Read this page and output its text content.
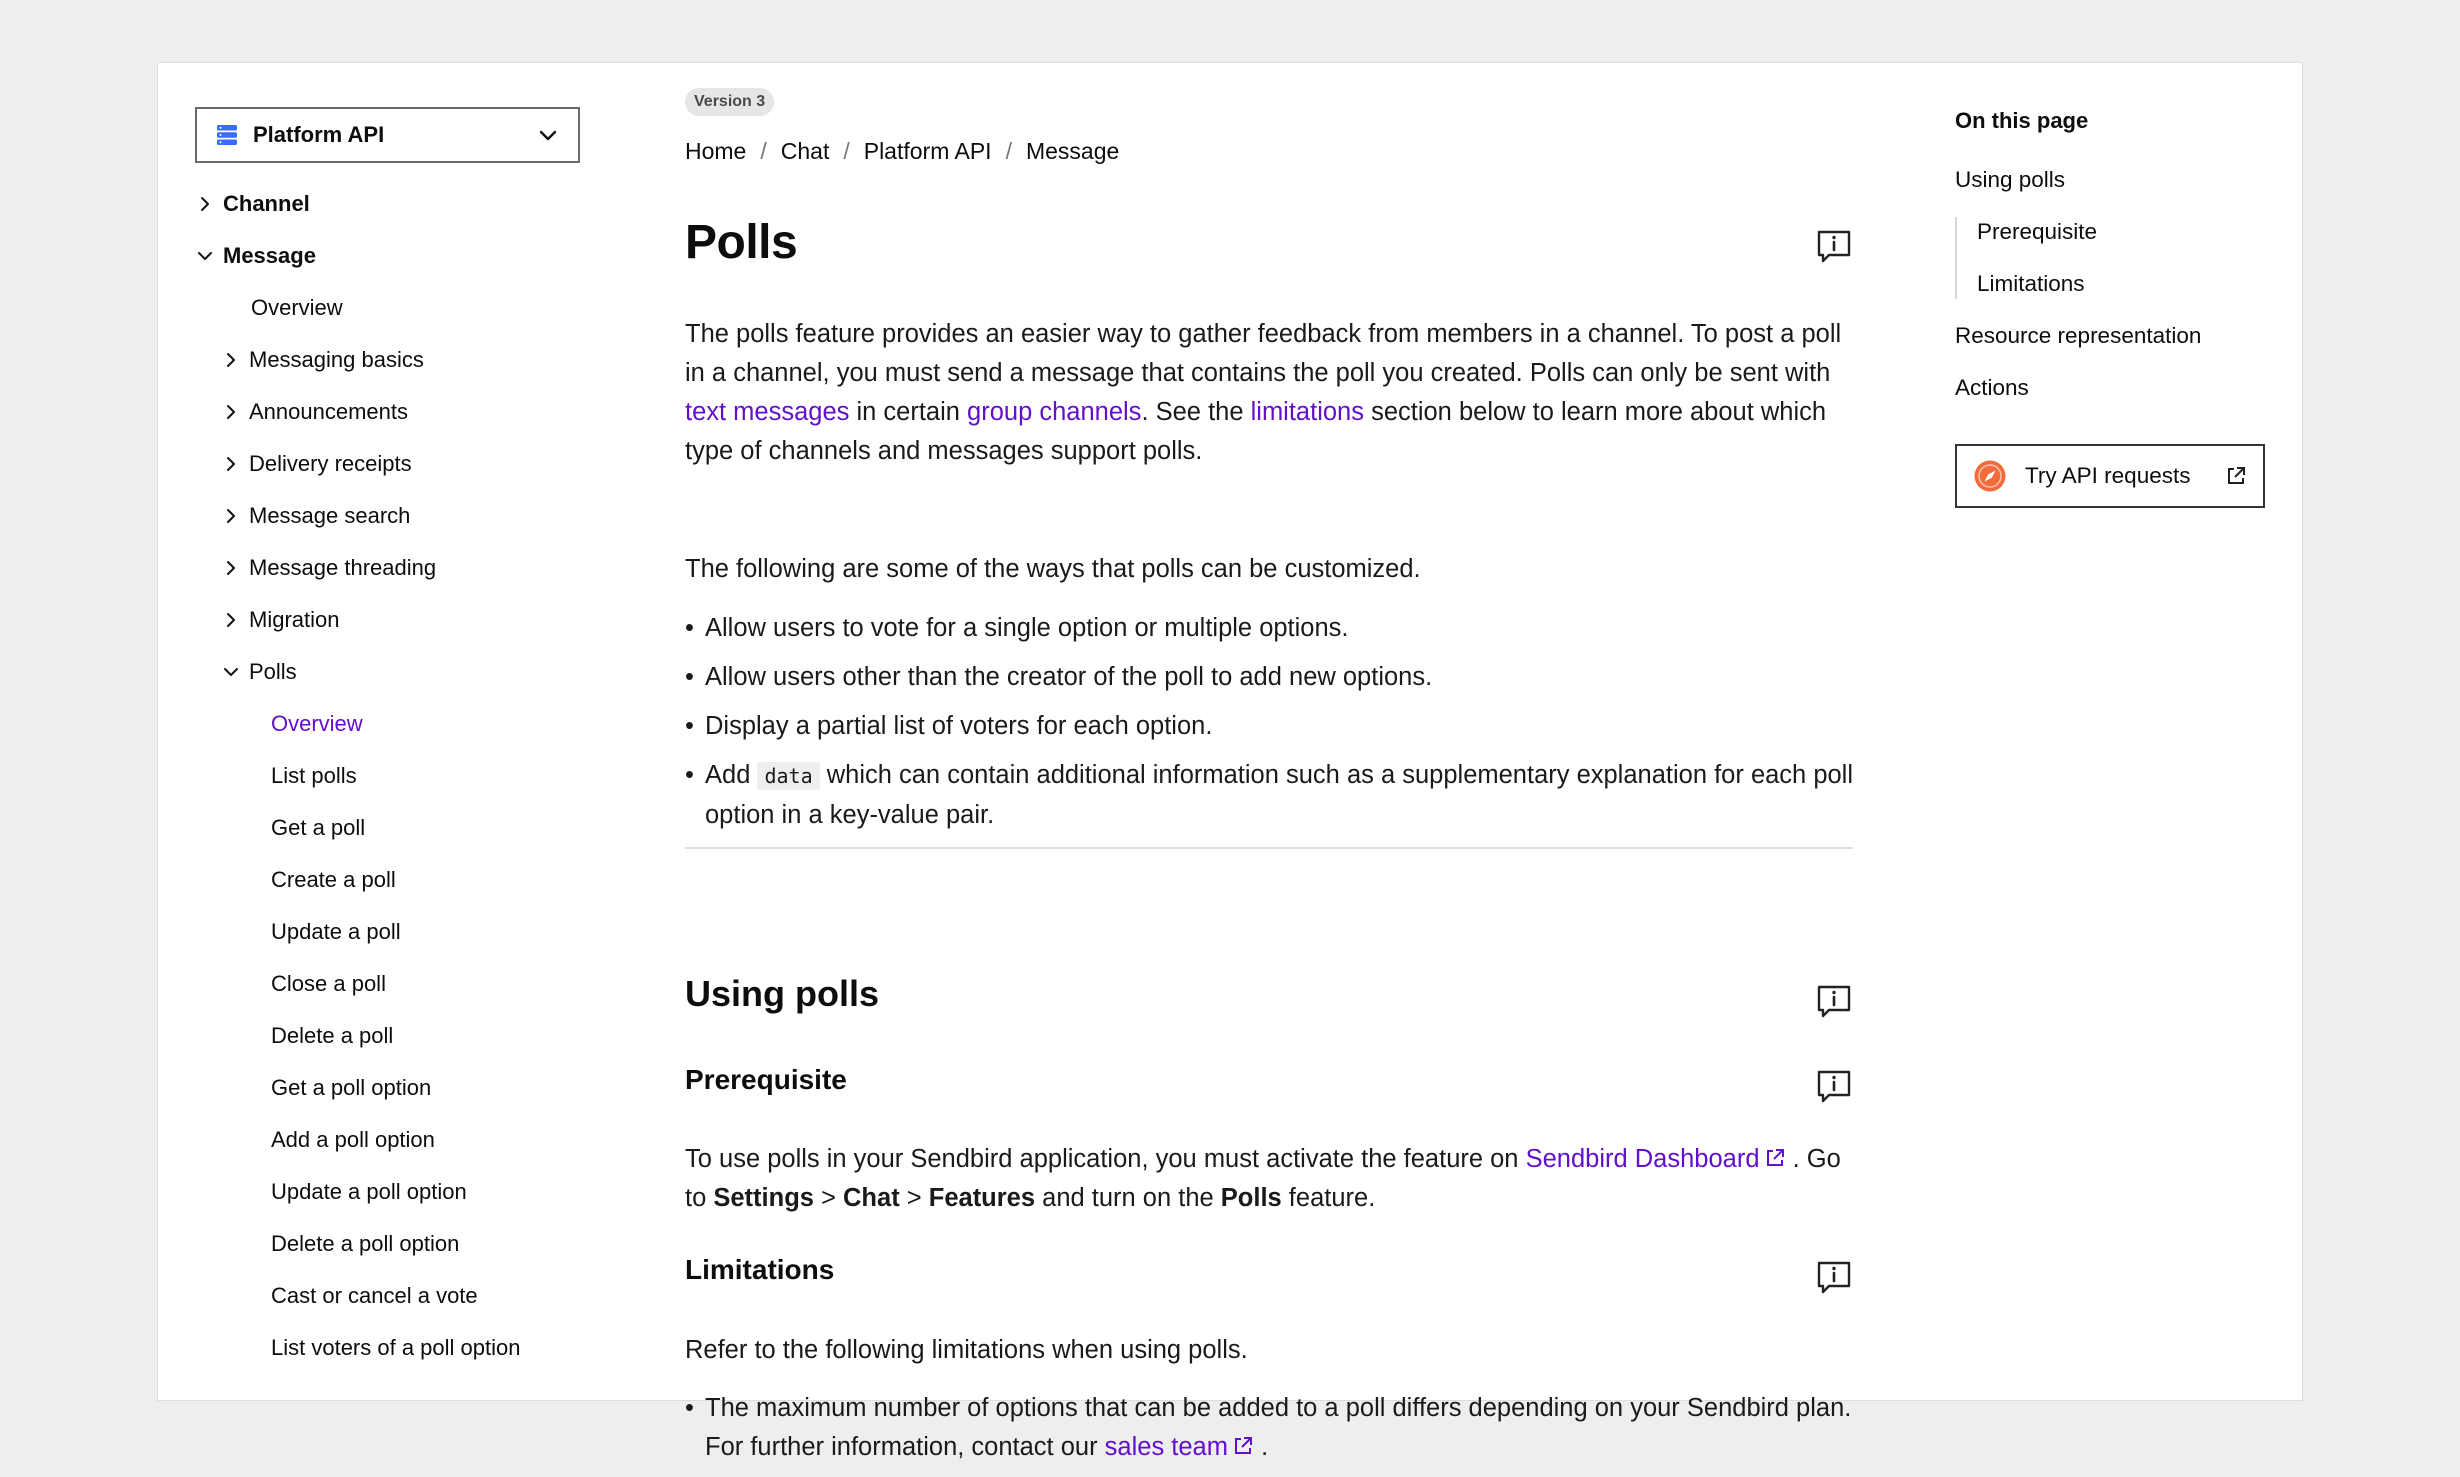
Platform API
Channel
Message
Overview
Messaging basics
Announcements
Delivery receipts
Message search
Message threading
Migration
Polls
Overview
List polls
Get a poll
Create a poll
Update a poll
Close a poll
Delete a poll
Get a poll option
Add a poll option
Update a poll option
Delete a poll option
Cast or cancel a vote
List voters of a poll option
Version 3
Home / Chat / Platform API / Message
Polls

The polls feature provides an easier way to gather feedback from members in a channel. To post a poll in a channel, you must send a message that contains the poll you created. Polls can only be sent with text messages in certain group channels. See the limitations section below to learn more about which type of channels and messages support polls.

The following are some of the ways that polls can be customized.

• Allow users to vote for a single option or multiple options.
• Allow users other than the creator of the poll to add new options.
• Display a partial list of voters for each option.
• Add data which can contain additional information such as a supplementary explanation for each poll option in a key-value pair.
Using polls
Prerequisite

To use polls in your Sendbird application, you must activate the feature on Sendbird Dashboard . Go to Settings > Chat > Features and turn on the Polls feature.

Limitations

Refer to the following limitations when using polls.

• The maximum number of options that can be added to a poll differs depending on your Sendbird plan. For further information, contact our sales team .
On this page
Using polls
Prerequisite
Limitations
Resource representation
Actions
Try API requests
